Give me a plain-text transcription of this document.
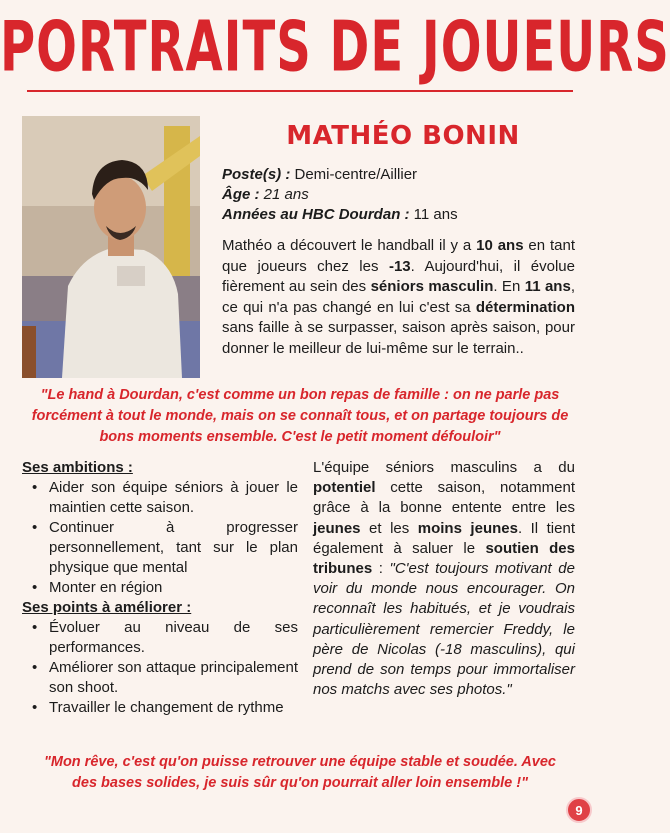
PORTRAITS DE JOUEURS
MATHÉO BONIN
Poste(s) : Demi-centre/Aillier
Âge : 21 ans
Années au HBC Dourdan : 11 ans

Mathéo a découvert le handball il y a 10 ans en tant que joueurs chez les -13. Aujourd'hui, il évolue fièrement au sein des séniors masculin. En 11 ans, ce qui n'a pas changé en lui c'est sa détermination sans faille à se surpasser, saison après saison, pour donner le meilleur de lui-même sur le terrain..

"Le hand à Dourdan, c'est comme un bon repas de famille : on ne parle pas forcément à tout le monde, mais on se connaît tous, et on partage toujours de bons moments ensemble. C'est le petit moment défouloir"

Ses ambitions :
• Aider son équipe séniors à jouer le maintien cette saison.
• Continuer à progresser personnellement, tant sur le plan physique que mental
• Monter en région
Ses points à améliorer :
• Évoluer au niveau de ses performances.
• Améliorer son attaque principalement son shoot.
• Travailler le changement de rythme

L'équipe séniors masculins a du potentiel cette saison, notamment grâce à la bonne entente entre les jeunes et les moins jeunes. Il tient également à saluer le soutien des tribunes : "C'est toujours motivant de voir du monde nous encourager. On reconnaît les habitués, et je voudrais particulièrement remercier Freddy, le père de Nicolas (-18 masculins), qui prend de son temps pour immortaliser nos matchs avec ses photos."

"Mon rêve, c'est qu'on puisse retrouver une équipe stable et soudée. Avec des bases solides, je suis sûr qu'on pourrait aller loin ensemble !"

9
